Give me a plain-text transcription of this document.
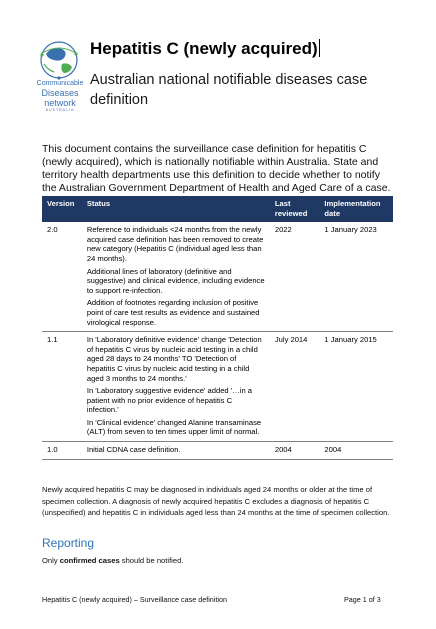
Communicable
Diseases
network
AUSTRALIA
Hepatitis C (newly acquired)
Australian national notifiable diseases case definition
This document contains the surveillance case definition for hepatitis C (newly acquired), which is nationally notifiable within Australia. State and territory health departments use this definition to decide whether to notify the Australian Government Department of Health and Aged Care of a case.
Version	Status	Last reviewed	Implementation date
2.0	Reference to individuals <24 months from the newly acquired case definition has been removed to create new category (Hepatitis C (individual aged less than 24 months).

Additional lines of laboratory (definitive and suggestive) and clinical evidence, including evidence to support re-infection.

Addition of footnotes regarding inclusion of positive point of care test results as evidence and sustained virological response.	2022	1 January 2023
1.1	In 'Laboratory definitive evidence' change 'Detection of hepatitis C virus by nucleic acid testing in a child aged 28 days to 24 months' TO 'Detection of hepatitis C virus by nucleic acid testing in a child aged 3 months to 24 months.'

In 'Laboratory suggestive evidence' added '…in a patient with no prior evidence of hepatitis C infection.'

In 'Clinical evidence' changed Alanine transaminase (ALT) from seven to ten times upper limit of normal.	July 2014	1 January 2015
1.0	Initial CDNA case definition.	2004	2004
Newly acquired hepatitis C may be diagnosed in individuals aged 24 months or older at the time of specimen collection. A diagnosis of newly acquired hepatitis C excludes a diagnosis of hepatitis C (unspecified) and hepatitis C in individuals aged less than 24 months at the time of specimen collection.
Reporting
Only confirmed cases should be notified.
Hepatitis C (newly acquired) – Surveillance case definition	Page 1 of 3
